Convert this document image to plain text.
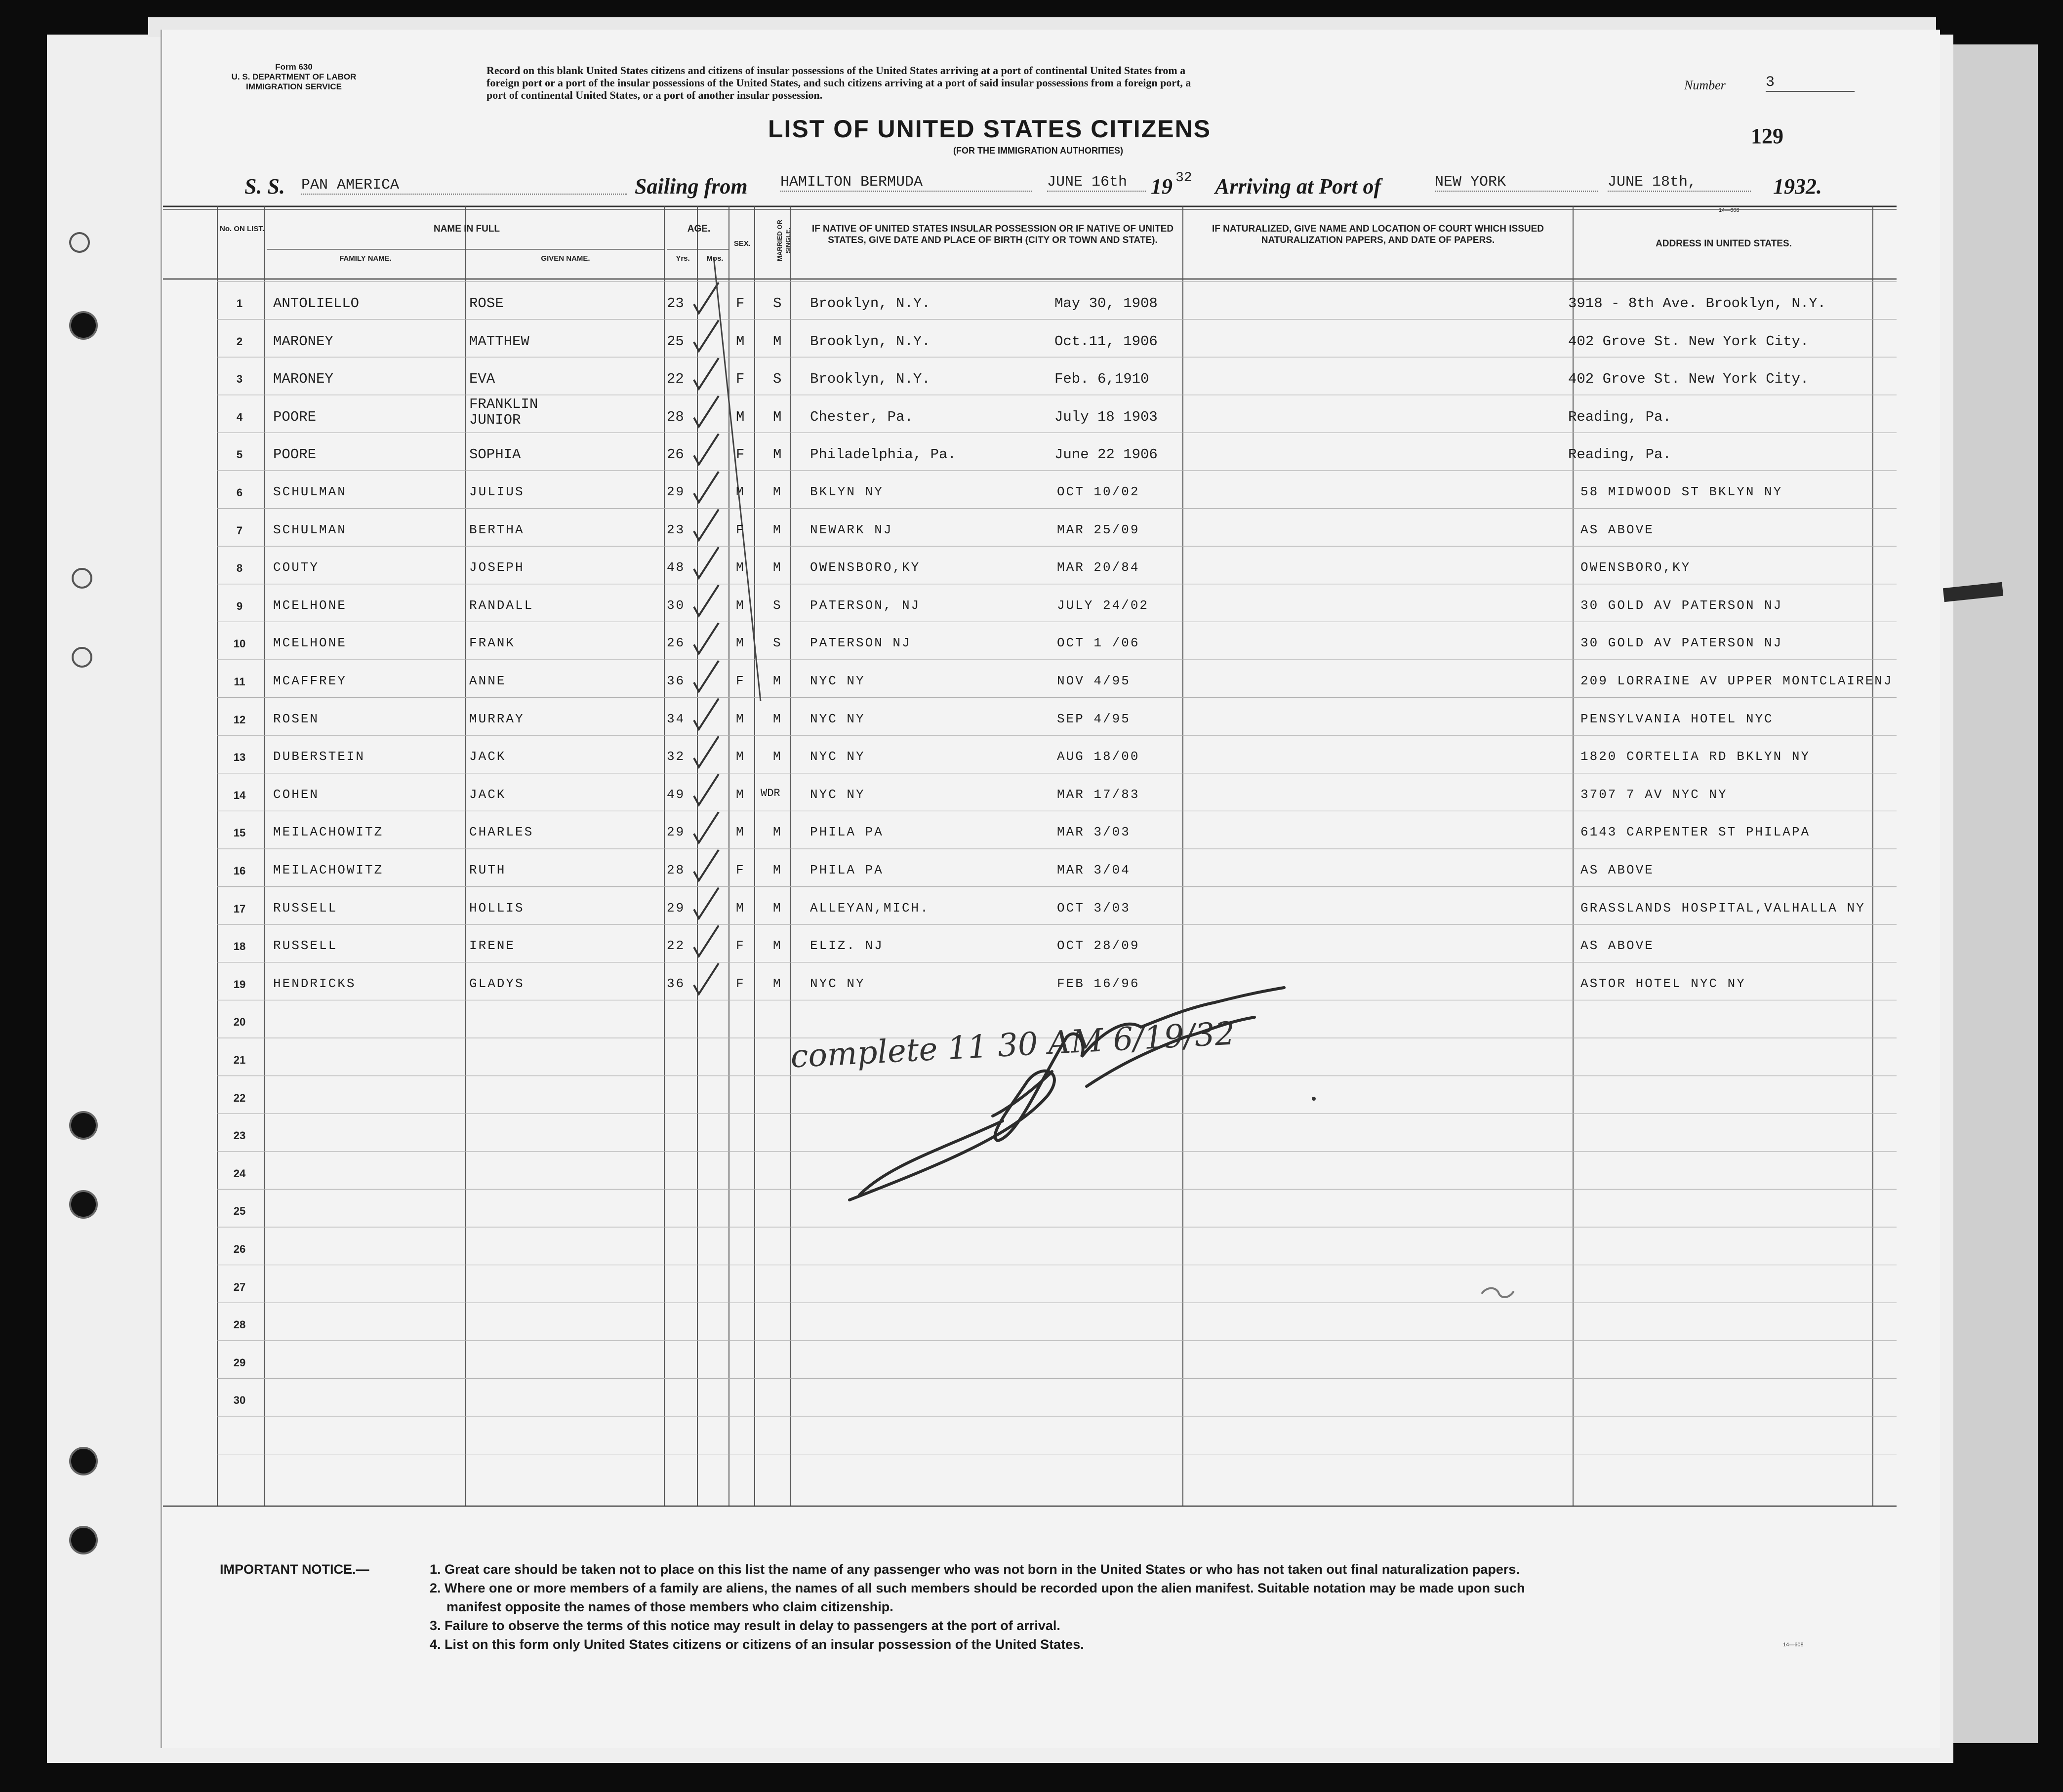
Form 630
U. S. DEPARTMENT OF LABOR
IMMIGRATION SERVICE
Record on this blank United States citizens and citizens of insular possessions of the United States arriving at a port of continental United States from a
foreign port or a port of the insular possessions of the United States, and such citizens arriving at a port of said insular possessions from a foreign port, a
port of continental United States, or a port of another insular possession.
Number	3
LIST OF UNITED STATES CITIZENS
(FOR THE IMMIGRATION AUTHORITIES)
129
S. S. PAN AMERICA	Sailing from HAMILTON BERMUDA	JUNE 16th	19 32 Arriving at Port of	NEW YORK	JUNE 18th,	1932.
14—608
No. ON LIST.	NAME IN FULL
FAMILY NAME.	GIVEN NAME.
AGE.
Yrs.	Mos.
SEX.	MARRIED OR SINGLE.	IF NATIVE OF UNITED STATES INSULAR POSSESSION OR IF NATIVE OF UNITED STATES, GIVE DATE AND PLACE OF BIRTH (CITY OR TOWN AND STATE).
IF NATURALIZED, GIVE NAME AND LOCATION OF COURT WHICH ISSUED NATURALIZATION PAPERS, AND DATE OF PAPERS.	ADDRESS IN UNITED STATES.
1	ANTOLIELLO	ROSE	23	F S Brooklyn, N.Y.	May 30, 1908	3918 - 8th Ave. Brooklyn, N.Y.
2	MARONEY	MATTHEW	25	M M Brooklyn, N.Y.	Oct.11, 1906	402 Grove St. New York City.
3	MARONEY	EVA	22	F S Brooklyn, N.Y.	Feb. 6,1910	402 Grove St. New York City.
4	POORE
FRANKLIN
JUNIOR	28	M M Chester, Pa.	July 18 1903	Reading, Pa.
5	POORE	SOPHIA	26	F M Philadelphia, Pa.	June 22 1906	Reading, Pa.
6	SCHULMAN	JULIUS	29	M M BKLYN NY	OCT 10/02	58 MIDWOOD ST BKLYN NY
7	SCHULMAN	BERTHA	23	F M NEWARK NJ	MAR 25/09	AS ABOVE
8	COUTY	JOSEPH	48	M M OWENSBORO,KY	MAR 20/84	OWENSBORO,KY
9	MCELHONE	RANDALL	30	M S PATERSON, NJ	JULY 24/02	30 GOLD AV PATERSON NJ
10	MCELHONE	FRANK	26	M S PATERSON NJ	OCT 1 /06	30 GOLD AV PATERSON NJ
11	MCAFFREY	ANNE	36	F M NYC NY	NOV 4/95	209 LORRAINE AV UPPER MONTCLAIRENJ
12	ROSEN	MURRAY	34	M M NYC NY	SEP 4/95	PENSYLVANIA HOTEL NYC
13	DUBERSTEIN	JACK	32	M M NYC NY	AUG 18/00	1820 CORTELIA RD BKLYN NY
14	COHEN	JACK	49	M WDR NYC NY	MAR 17/83	3707 7 AV NYC NY
15	MEILACHOWITZ	CHARLES	29	M M PHILA PA	MAR 3/03	6143 CARPENTER ST PHILAPA
16	MEILACHOWITZ	RUTH	28	F M PHILA PA	MAR 3/04	AS ABOVE
17	RUSSELL	HOLLIS	29	M M ALLEYAN,MICH.	OCT 3/03	GRASSLANDS HOSPITAL,VALHALLA NY
18	RUSSELL	IRENE	22	F M ELIZ. NJ	OCT 28/09	AS ABOVE
19	HENDRICKS	GLADYS	36	F M NYC NY	FEB 16/96	ASTOR HOTEL NYC NY
20
21
22
23
24
25
26
27
28
29
30
complete 11 30 AM 6/19/32
IMPORTANT NOTICE.—	1. Great care should be taken not to place on this list the name of any passenger who was not born in the United States or who has not taken out final naturalization papers.
2. Where one or more members of a family are aliens, the names of all such members should be recorded upon the alien manifest. Suitable notation may be made upon such
manifest opposite the names of those members who claim citizenship.
3. Failure to observe the terms of this notice may result in delay to passengers at the port of arrival.
4. List on this form only United States citizens or citizens of an insular possession of the United States.	14—608
